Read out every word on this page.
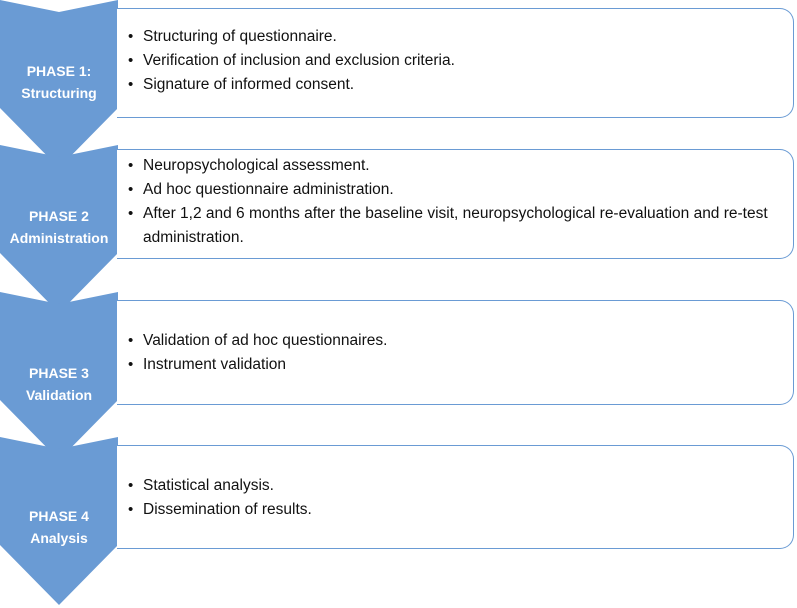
PHASE 1:
Structuring
• Structuring of questionnaire.
• Verification of inclusion and exclusion criteria.
• Signature of informed consent.
PHASE 2
Administration
• Neuropsychological assessment.
• Ad hoc questionnaire administration.
• After 1,2 and 6 months after the baseline visit, neuropsychological re-evaluation and re-test administration.
PHASE 3
Validation
• Validation of ad hoc questionnaires.
• Instrument validation
PHASE 4
Analysis
• Statistical analysis.
• Dissemination of results.
